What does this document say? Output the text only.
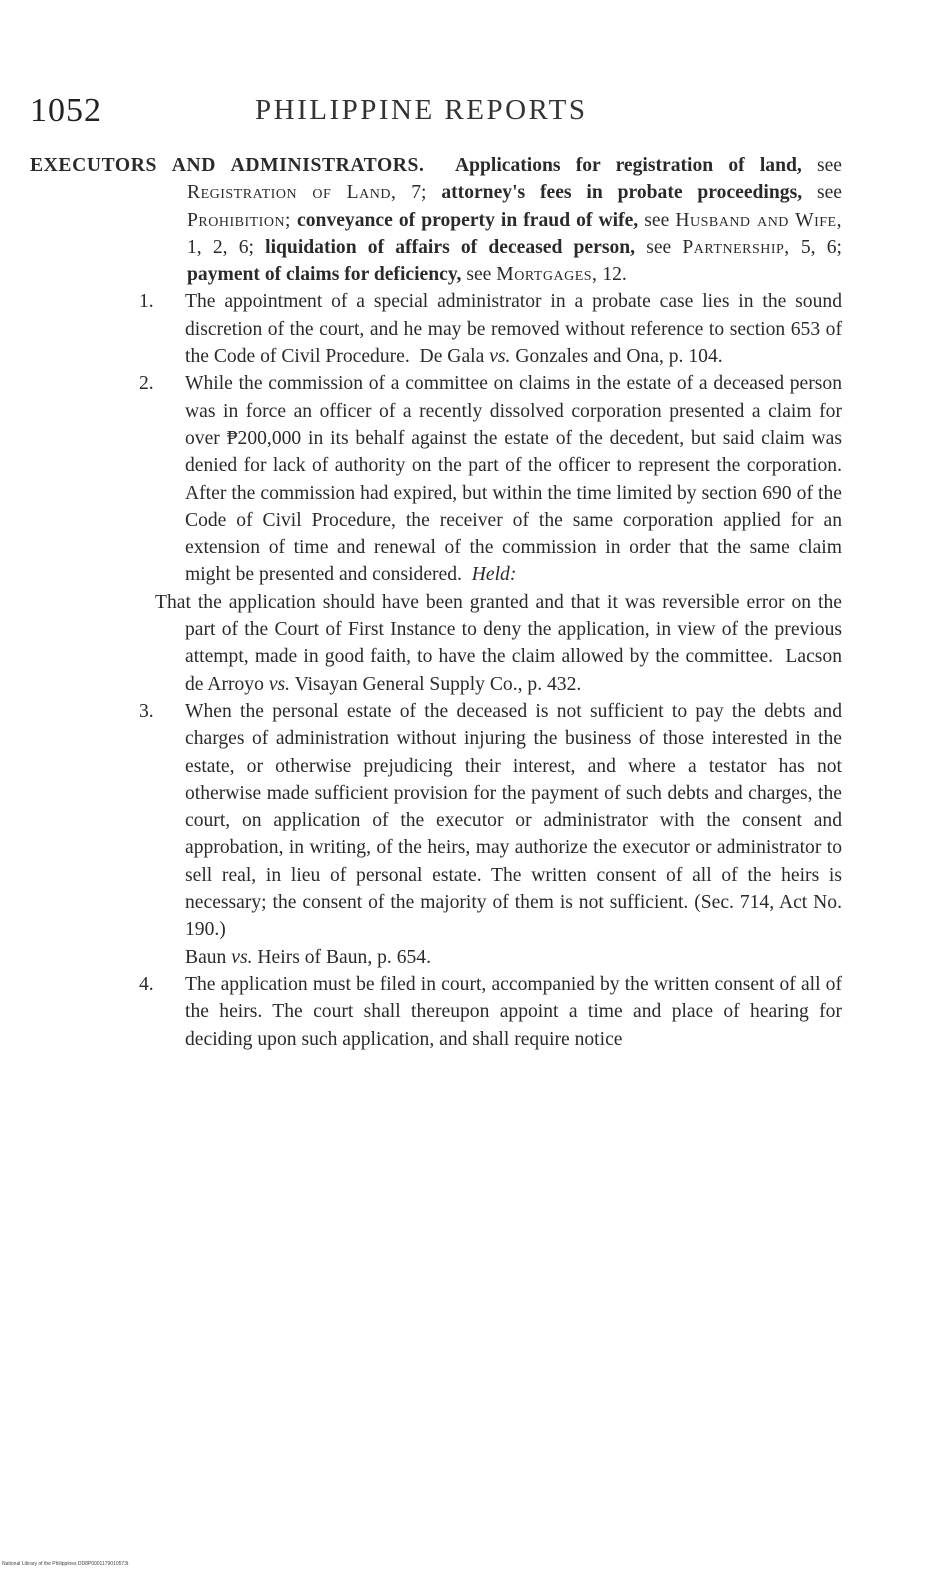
1052	PHILIPPINE REPORTS

EXECUTORS AND ADMINISTRATORS. Applications for registration of land, see Registration of Land, 7; attorney's fees in probate proceedings, see Prohibition; conveyance of property in fraud of wife, see Husband and Wife, 1, 2, 6; liquidation of affairs of deceased person, see Partnership, 5, 6; payment of claims for deficiency, see Mortgages, 12.

1. The appointment of a special administrator in a probate case lies in the sound discretion of the court, and he may be removed without reference to section 653 of the Code of Civil Procedure. De Gala vs. Gonzales and Ona, p. 104.

2. While the commission of a committee on claims in the estate of a deceased person was in force an officer of a recently dissolved corporation presented a claim for over ₱200,000 in its behalf against the estate of the decedent, but said claim was denied for lack of authority on the part of the officer to represent the corporation. After the commission had expired, but within the time limited by section 690 of the Code of Civil Procedure, the receiver of the same corporation applied for an extension of time and renewal of the commission in order that the same claim might be presented and considered. Held:

That the application should have been granted and that it was reversible error on the part of the Court of First Instance to deny the application, in view of the previous attempt, made in good faith, to have the claim allowed by the committee. Lacson de Arroyo vs. Visayan General Supply Co., p. 432.

3. When the personal estate of the deceased is not sufficient to pay the debts and charges of administration without injuring the business of those interested in the estate, or otherwise prejudicing their interest, and where a testator has not otherwise made sufficient provision for the payment of such debts and charges, the court, on application of the executor or administrator with the consent and approbation, in writing, of the heirs, may authorize the executor or administrator to sell real, in lieu of personal estate. The written consent of all of the heirs is necessary; the consent of the majority of them is not sufficient. (Sec. 714, Act No. 190.)
Baun vs. Heirs of Baun, p. 654.

4. The application must be filed in court, accompanied by the written consent of all of the heirs. The court shall thereupon appoint a time and place of hearing for deciding upon such application, and shall require notice

National Library of the Philippines DD8P0001179010573t
